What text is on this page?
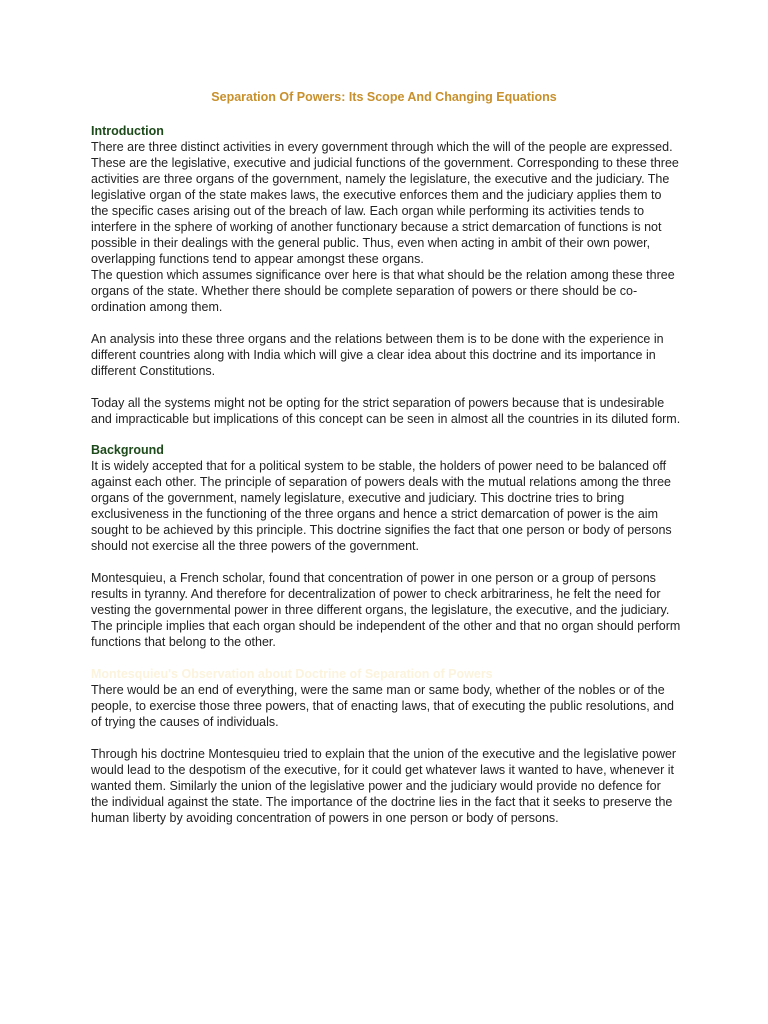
Separation Of Powers: Its Scope And Changing Equations
Introduction

There are three distinct activities in every government through which the will of the people are expressed. These are the legislative, executive and judicial functions of the government. Corresponding to these three activities are three organs of the government, namely the legislature, the executive and the judiciary. The legislative organ of the state makes laws, the executive enforces them and the judiciary applies them to the specific cases arising out of the breach of law. Each organ while performing its activities tends to interfere in the sphere of working of another functionary because a strict demarcation of functions is not possible in their dealings with the general public. Thus, even when acting in ambit of their own power, overlapping functions tend to appear amongst these organs.

The question which assumes significance over here is that what should be the relation among these three organs of the state. Whether there should be complete separation of powers or there should be co-ordination among them.

An analysis into these three organs and the relations between them is to be done with the experience in different countries along with India which will give a clear idea about this doctrine and its importance in different Constitutions.

Today all the systems might not be opting for the strict separation of powers because that is undesirable and impracticable but implications of this concept can be seen in almost all the countries in its diluted form.

Background

It is widely accepted that for a political system to be stable, the holders of power need to be balanced off against each other. The principle of separation of powers deals with the mutual relations among the three organs of the government, namely legislature, executive and judiciary. This doctrine tries to bring exclusiveness in the functioning of the three organs and hence a strict demarcation of power is the aim sought to be achieved by this principle. This doctrine signifies the fact that one person or body of persons should not exercise all the three powers of the government.

Montesquieu, a French scholar, found that concentration of power in one person or a group of persons results in tyranny. And therefore for decentralization of power to check arbitrariness, he felt the need for vesting the governmental power in three different organs, the legislature, the executive, and the judiciary. The principle implies that each organ should be independent of the other and that no organ should perform functions that belong to the other.

Montesquieu's Observation about Doctrine of Separation of Powers

There would be an end of everything, were the same man or same body, whether of the nobles or of the people, to exercise those three powers, that of enacting laws, that of executing the public resolutions, and of trying the causes of individuals.

Through his doctrine Montesquieu tried to explain that the union of the executive and the legislative power would lead to the despotism of the executive, for it could get whatever laws it wanted to have, whenever it wanted them. Similarly the union of the legislative power and the judiciary would provide no defence for the individual against the state. The importance of the doctrine lies in the fact that it seeks to preserve the human liberty by avoiding concentration of powers in one person or body of persons.
